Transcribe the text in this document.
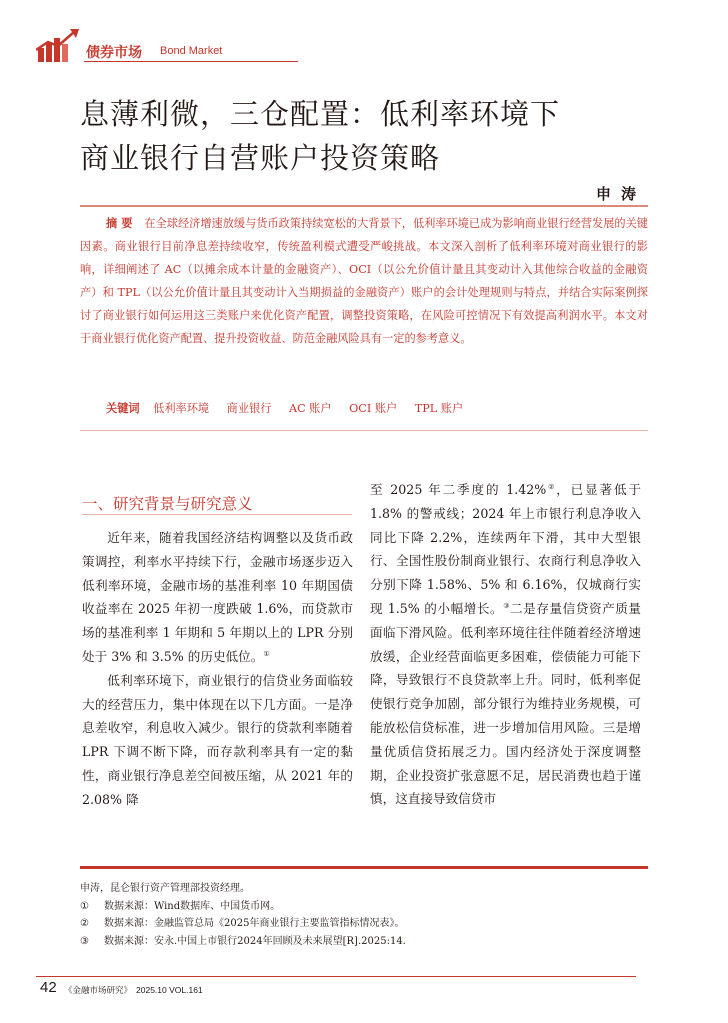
债券市场 Bond Market
息薄利微，三仓配置：低利率环境下
商业银行自营账户投资策略
申涛
摘要 在全球经济增速放缓与货币政策持续宽松的大背景下，低利率环境已成为影响商业银行经营发展的关键因素。商业银行目前净息差持续收窄，传统盈利模式遭受严峻挑战。本文深入剖析了低利率环境对商业银行的影响，详细阐述了 AC（以摊余成本计量的金融资产）、OCI（以公允价值计量且其变动计入其他综合收益的金融资产）和 TPL（以公允价值计量且其变动计入当期损益的金融资产）账户的会计处理规则与特点，并结合实际案例探讨了商业银行如何运用这三类账户来优化资产配置，调整投资策略，在风险可控情况下有效提高利润水平。本文对于商业银行优化资产配置、提升投资收益、防范金融风险具有一定的参考意义。
关键词 低利率环境 商业银行 AC 账户 OCI 账户 TPL 账户
一、研究背景与研究意义

近年来，随着我国经济结构调整以及货币政策调控，利率水平持续下行，金融市场逐步迈入低利率环境，金融市场的基准利率 10 年期国债收益率在 2025 年初一度跌破 1.6%，而贷款市场的基准利率 1 年期和 5 年期以上的 LPR 分别处于 3% 和 3.5% 的历史低位。①

低利率环境下，商业银行的信贷业务面临较大的经营压力，集中体现在以下几方面。一是净息差收窄，利息收入减少。银行的贷款利率随着 LPR 下调不断下降，而存款利率具有一定的黏性，商业银行净息差空间被压缩，从 2021 年的 2.08% 降

至 2025 年二季度的 1.42%②，已显著低于 1.8% 的警戒线；2024 年上市银行利息净收入同比下降 2.2%，连续两年下滑，其中大型银行、全国性股份制商业银行、农商行利息净收入分别下降 1.58%、5% 和 6.16%，仅城商行实现 1.5% 的小幅增长。③二是存量信贷资产质量面临下滑风险。低利率环境往往伴随着经济增速放缓，企业经营面临更多困难，偿债能力可能下降，导致银行不良贷款率上升。同时，低利率促使银行竞争加剧，部分银行为维持业务规模，可能放松信贷标准，进一步增加信用风险。三是增量优质信贷拓展乏力。国内经济处于深度调整期，企业投资扩张意愿不足，居民消费也趋于谨慎，这直接导致信贷市

申涛，昆仑银行资产管理部投资经理。
① 数据来源：Wind数据库、中国货币网。
② 数据来源：金融监管总局《2025年商业银行主要监管指标情况表》。
③ 数据来源：安永.中国上市银行2024年回顾及未来展望[R].2025:14.
42 《金融市场研究》 2025.10 VOL.161
